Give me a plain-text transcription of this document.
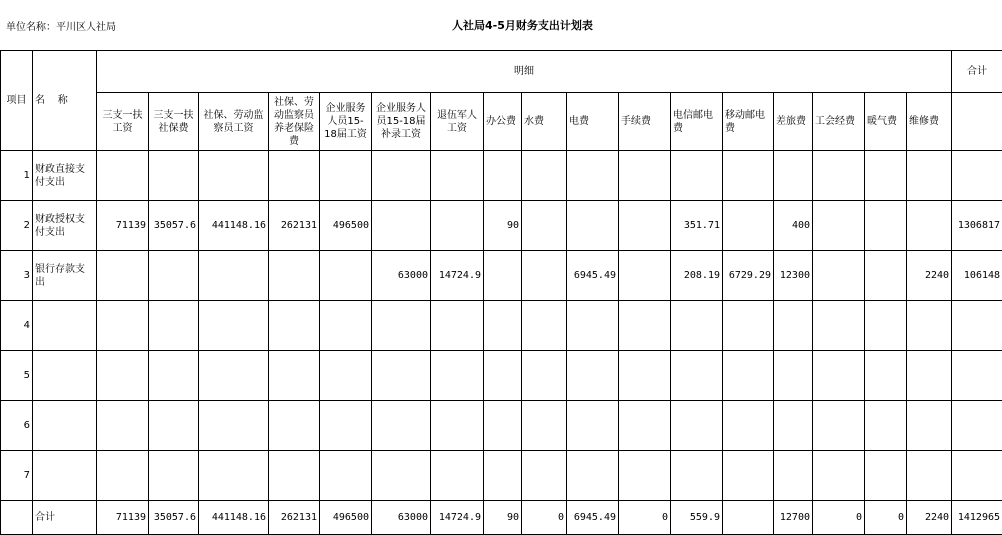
单位名称：平川区人社局	人社局4-5月财务支出计划表
项目	名    称	明细																	合计
		三支一扶工资	三支一扶社保费	社保、劳动监察员工资	社保、劳动监察员养老保险费	企业服务人员15-18届工资	企业服务人员15-18届补录工资	退伍军人工资	办公费	水费	电费	手续费	电信邮电费	移动邮电费	差旅费	工会经费	暖气费	维修费	
1	财政直接支付支出																		
2	财政授权支付支出	71139	35057.6	441148.16	262131	496500			90				351.71		400				1306817
3	银行存款支出						63000	14724.9			6945.49		208.19	6729.29	12300			2240	106148
4																			
5																			
6																			
7																			
	合计	71139	35057.6	441148.16	262131	496500	63000	14724.9	90	0	6945.49	0	559.9		12700	0	0	2240	1412965
